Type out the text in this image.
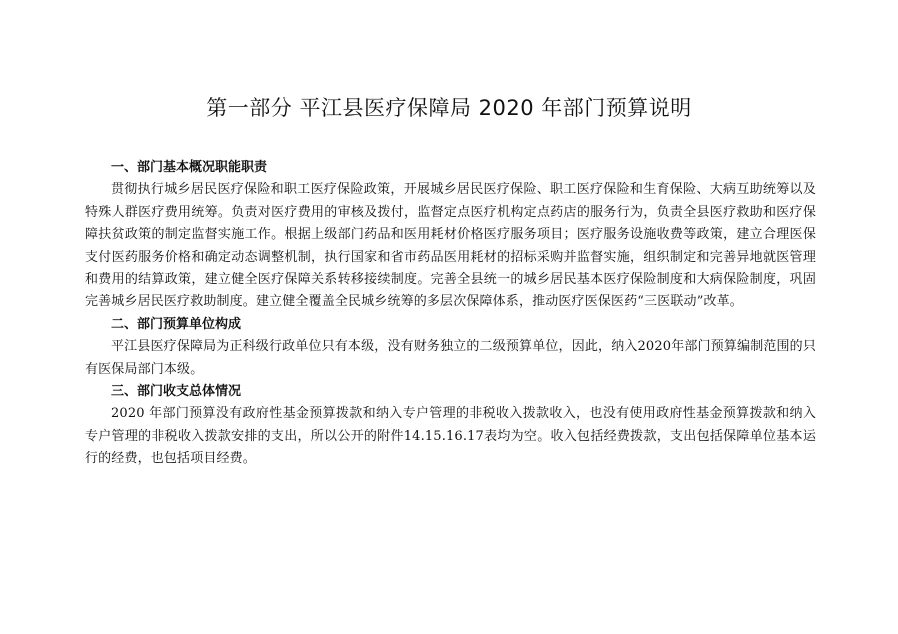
第一部分 平江县医疗保障局 2020 年部门预算说明

一、部门基本概况职能职责

贯彻执行城乡居民医疗保险和职工医疗保险政策，开展城乡居民医疗保险、职工医疗保险和生育保险、大病互助统筹以及特殊人群医疗费用统筹。负责对医疗费用的审核及拨付，监督定点医疗机构定点药店的服务行为，负责全县医疗救助和医疗保障扶贫政策的制定监督实施工作。根据上级部门药品和医用耗材价格医疗服务项目；医疗服务设施收费等政策，建立合理医保支付医药服务价格和确定动态调整机制，执行国家和省市药品医用耗材的招标采购并监督实施，组织制定和完善异地就医管理和费用的结算政策，建立健全医疗保障关系转移接续制度。完善全县统一的城乡居民基本医疗保险制度和大病保险制度，巩固完善城乡居民医疗救助制度。建立健全覆盖全民城乡统筹的多层次保障体系，推动医疗医保医药“三医联动”改革。

二、部门预算单位构成

平江县医疗保障局为正科级行政单位只有本级，没有财务独立的二级预算单位，因此，纳入2020年部门预算编制范围的只有医保局部门本级。

三、部门收支总体情况

2020 年部门预算没有政府性基金预算拨款和纳入专户管理的非税收入拨款收入，也没有使用政府性基金预算拨款和纳入专户管理的非税收入拨款安排的支出，所以公开的附件14.15.16.17表均为空。收入包括经费拨款，支出包括保障单位基本运行的经费，也包括项目经费。
